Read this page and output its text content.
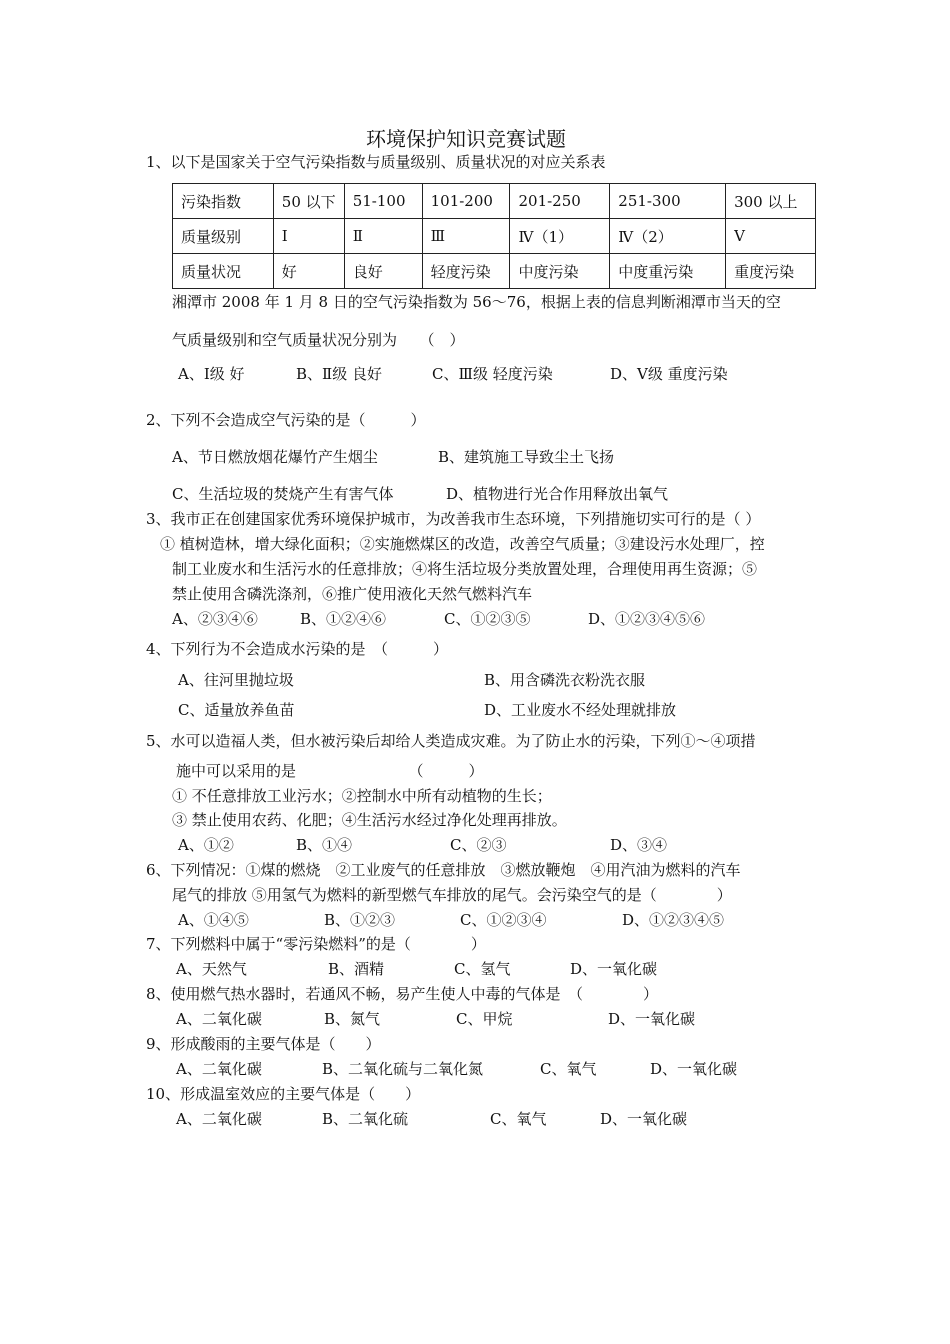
环境保护知识竞赛试题
1、以下是国家关于空气污染指数与质量级别、质量状况的对应关系表
污染指数	50 以下	51-100	101-200	201-250	251-300	300 以上
质量级别	Ⅰ	Ⅱ	Ⅲ	Ⅳ（1）	Ⅳ（2）	Ⅴ
质量状况	好	良好	轻度污染	中度污染	中度重污染	重度污染
湘潭市 2008 年 1 月 8 日的空气污染指数为 56～76，根据上表的信息判断湘潭市当天的空
气质量级别和空气质量状况分别为　　（　）
A、Ⅰ级 好	B、Ⅱ级 良好	C、Ⅲ级 轻度污染	D、Ⅴ级 重度污染
2、下列不会造成空气污染的是（　　　）
A、节日燃放烟花爆竹产生烟尘	B、建筑施工导致尘土飞扬
C、生活垃圾的焚烧产生有害气体	D、植物进行光合作用释放出氧气
3、我市正在创建国家优秀环境保护城市，为改善我市生态环境，下列措施切实可行的是（ ）
① 植树造林，增大绿化面积；②实施燃煤区的改造，改善空气质量；③建设污水处理厂，控
制工业废水和生活污水的任意排放；④将生活垃圾分类放置处理，合理使用再生资源；⑤
禁止使用含磷洗涤剂，⑥推广使用液化天然气燃料汽车
A、②③④⑥	B、①②④⑥	C、①②③⑤	D、①②③④⑤⑥
4、下列行为不会造成水污染的是　（　　　）
A、往河里抛垃圾	B、用含磷洗衣粉洗衣服
C、适量放养鱼苗	D、工业废水不经处理就排放
5、水可以造福人类，但水被污染后却给人类造成灾难。为了防止水的污染，下列①～④项措
施中可以采用的是　　　　　　　　（　　　）
① 不任意排放工业污水；②控制水中所有动植物的生长；
③ 禁止使用农药、化肥；④生活污水经过净化处理再排放。
A、①②	B、①④	C、②③	D、③④
6、下列情况：①煤的燃烧　②工业废气的任意排放　③燃放鞭炮　④用汽油为燃料的汽车
尾气的排放 ⑤用氢气为燃料的新型燃气车排放的尾气。会污染空气的是（　　　　）
A、①④⑤	B、①②③	C、①②③④	D、①②③④⑤
7、下列燃料中属于“零污染燃料”的是（　　　　）
A、天然气	B、酒精	C、氢气	D、一氧化碳
8、使用燃气热水器时，若通风不畅，易产生使人中毒的气体是　（　　　　）
A、二氧化碳	B、氮气	C、甲烷	D、一氧化碳
9、形成酸雨的主要气体是（　　）
A、二氧化碳	B、二氧化硫与二氧化氮	C、氧气	D、一氧化碳
10、形成温室效应的主要气体是（　　）
A、二氧化碳	B、二氧化硫	C、氧气	D、一氧化碳
